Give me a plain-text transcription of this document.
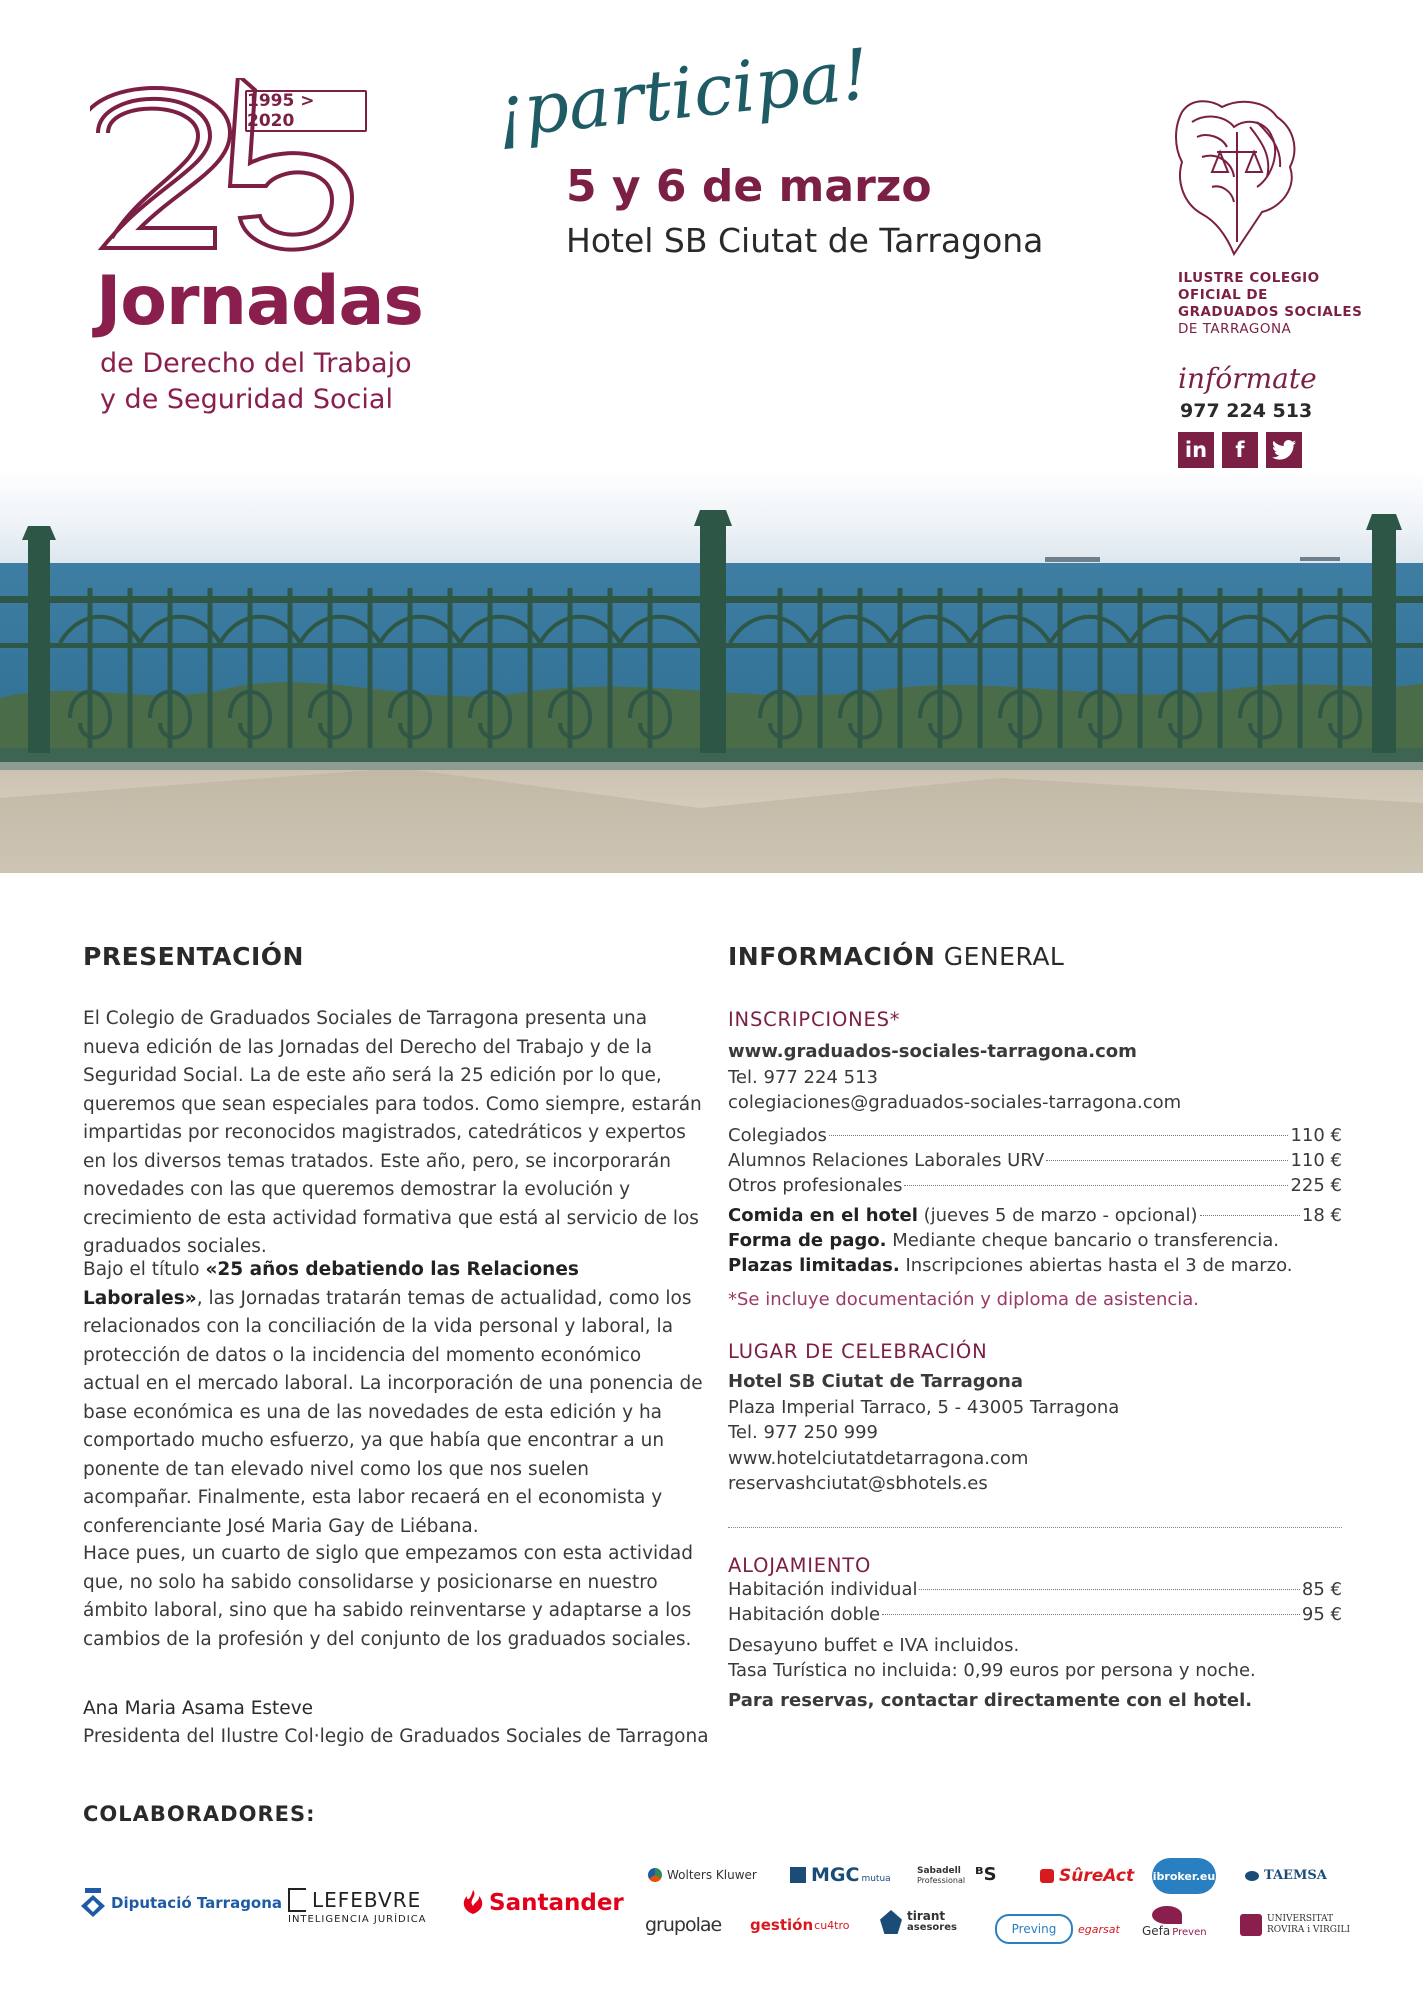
1995 > 2020
Jornadas
de Derecho del Trabajo
y de Seguridad Social
¡participa!
5 y 6 de marzo
Hotel SB Ciutat de Tarragona
ILUSTRE COLEGIO
OFICIAL DE
GRADUADOS SOCIALES
DE TARRAGONA
infórmate
977 224 513
in	f
PRESENTACIÓN
El Colegio de Graduados Sociales de Tarragona presenta una nueva edición de las Jornadas del Derecho del Trabajo y de la Seguridad Social. La de este año será la 25 edición por lo que, queremos que sean especiales para todos. Como siempre, estarán impartidas por reconocidos magistrados, catedráticos y expertos en los diversos temas tratados. Este año, pero, se incorporarán novedades con las que queremos demostrar la evolución y crecimiento de esta actividad formativa que está al servicio de los graduados sociales.
Bajo el título «25 años debatiendo las Relaciones Laborales», las Jornadas tratarán temas de actualidad, como los relacionados con la conciliación de la vida personal y laboral, la protección de datos o la incidencia del momento económico actual en el mercado laboral. La incorporación de una ponencia de base económica es una de las novedades de esta edición y ha comportado mucho esfuerzo, ya que había que encontrar a un ponente de tan elevado nivel como los que nos suelen acompañar. Finalmente, esta labor recaerá en el economista y conferenciante José Maria Gay de Liébana.
Hace pues, un cuarto de siglo que empezamos con esta actividad que, no solo ha sabido consolidarse y posicionarse en nuestro ámbito laboral, sino que ha sabido reinventarse y adaptarse a los cambios de la profesión y del conjunto de los graduados sociales.
Ana Maria Asama Esteve
Presidenta del Ilustre Col·legio de Graduados Sociales de Tarragona
INFORMACIÓN GENERAL
INSCRIPCIONES*
www.graduados-sociales-tarragona.com
Tel. 977 224 513
colegiaciones@graduados-sociales-tarragona.com
Colegiados	110 €
Alumnos Relaciones Laborales URV	110 €
Otros profesionales	225 €
Comida en el hotel (jueves 5 de marzo - opcional)	18 €
Forma de pago. Mediante cheque bancario o transferencia.
Plazas limitadas. Inscripciones abiertas hasta el 3 de marzo.
*Se incluye documentación y diploma de asistencia.
LUGAR DE CELEBRACIÓN
Hotel SB Ciutat de Tarragona
Plaza Imperial Tarraco, 5 - 43005 Tarragona
Tel. 977 250 999
www.hotelciutatdetarragona.com
reservashciutat@sbhotels.es
ALOJAMIENTO
Habitación individual	85 €
Habitación doble	95 €
Desayuno buffet e IVA incluidos.
Tasa Turística no incluida: 0,99 euros por persona y noche.
Para reservas, contactar directamente con el hotel.
COLABORADORES:
Diputació Tarragona LEFEBVRE
INTELIGENCIA JURÍDICA
Santander
Wolters Kluwer	MGC mutua
Sabadell
Professional ᴮS	SûreAct ibroker.eu	TAEMSA
grupolae gestión cu4tro
tirant
asesores	Preving	egarsat Gefa Preven
UNIVERSITAT
ROVIRA i VIRGILI
